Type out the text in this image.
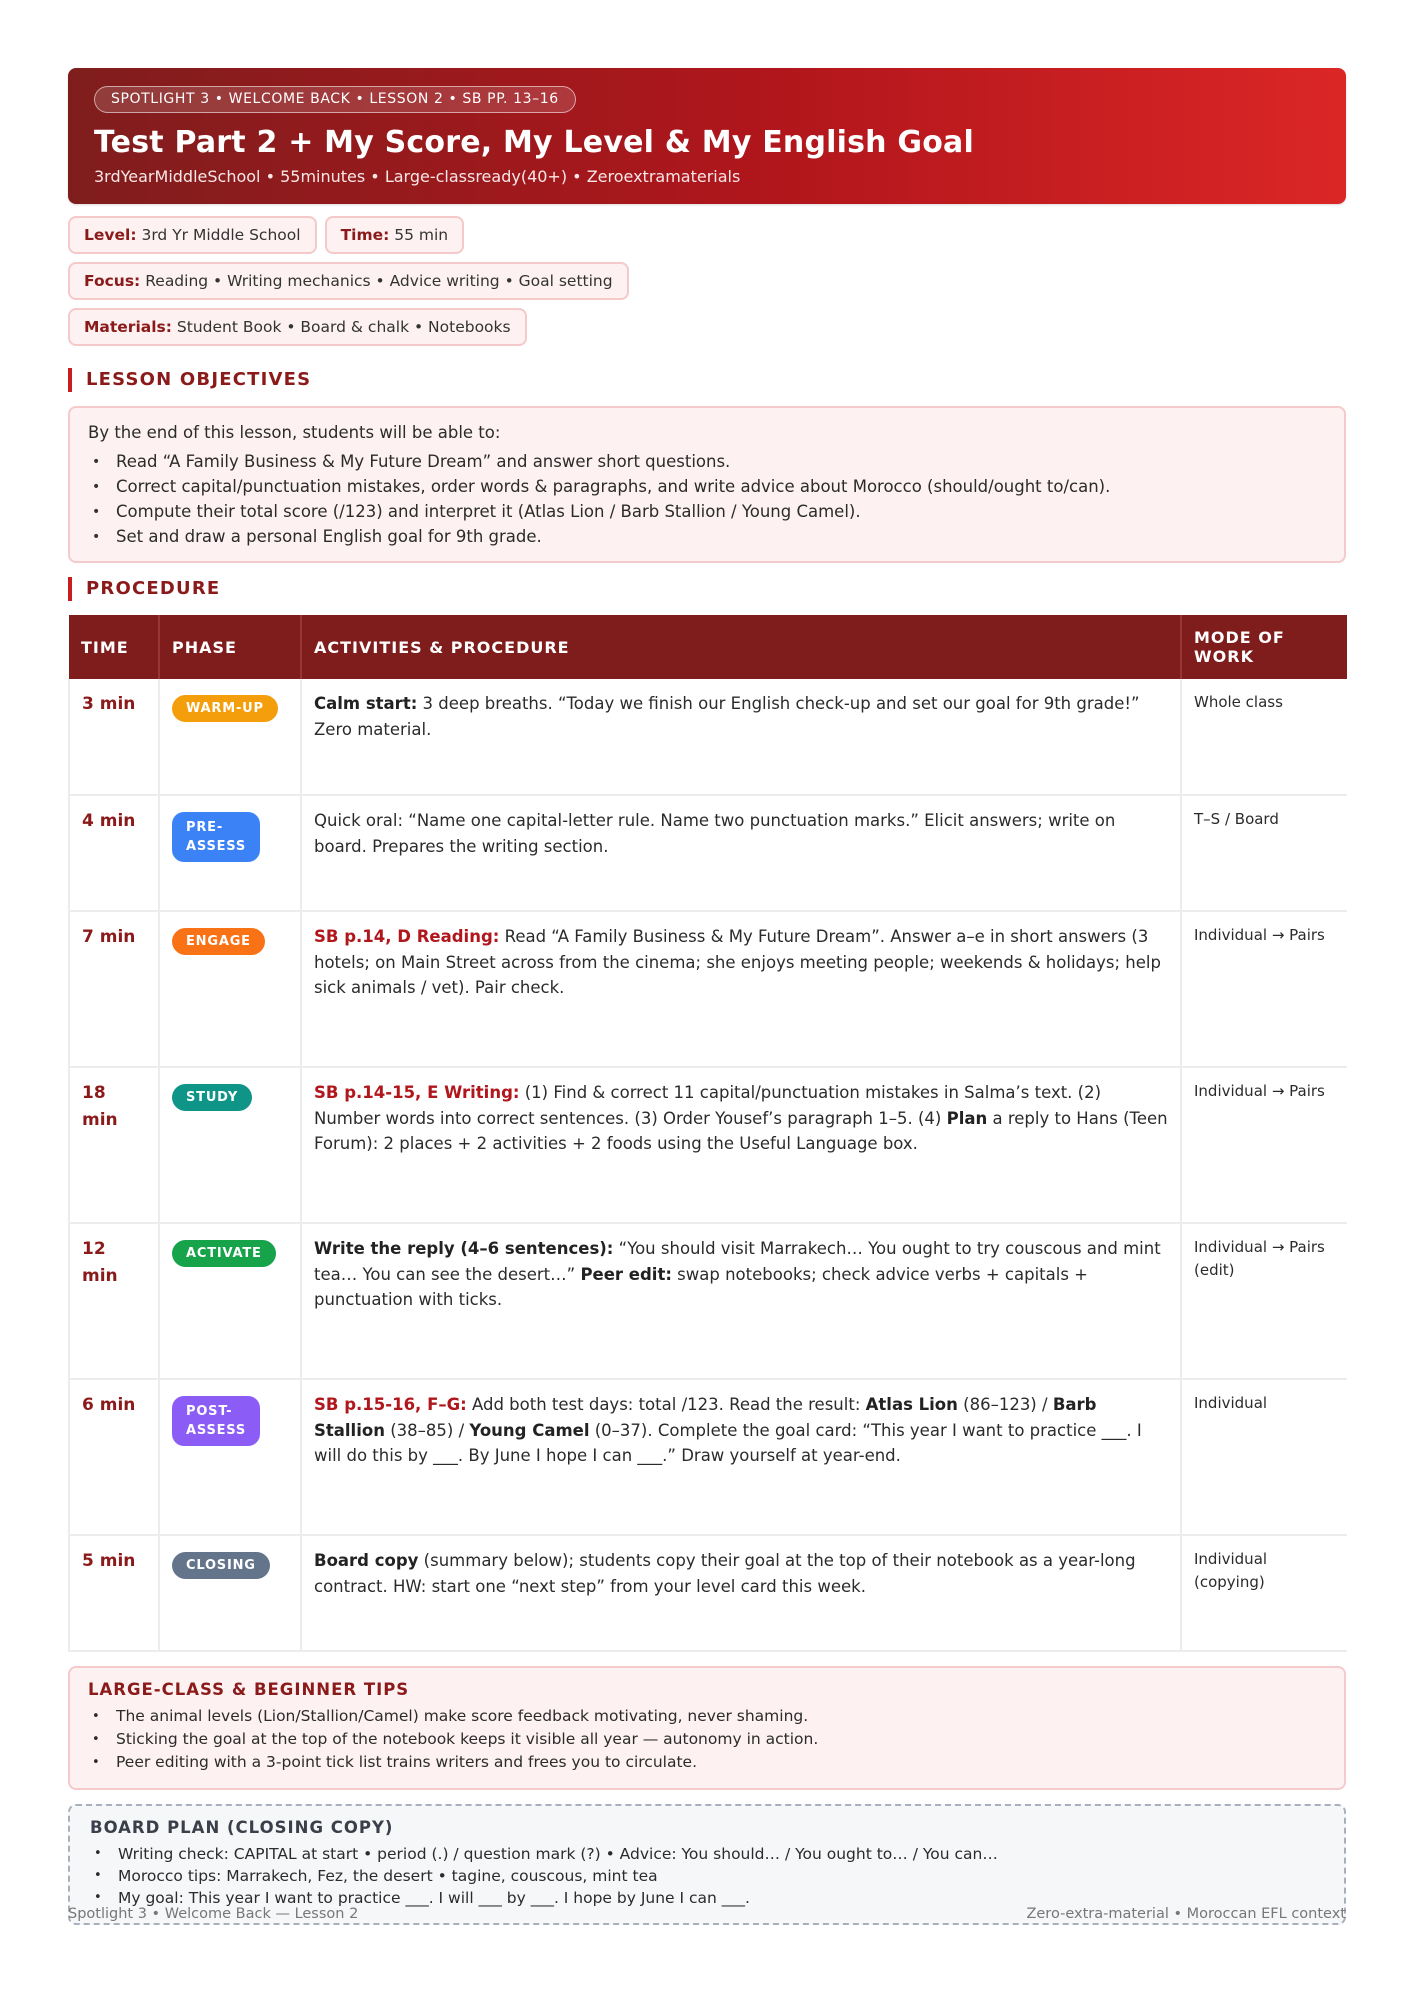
SPOTLIGHT 3 • WELCOME BACK • LESSON 2 • SB PP. 13–16
Test Part 2 + My Score, My Level & My English Goal
3rdYearMiddleSchool • 55minutes • Large-classready(40+) • Zeroextramaterials
Level: 3rd Yr Middle School	Time: 55 min
Focus: Reading • Writing mechanics • Advice writing • Goal setting
Materials: Student Book • Board & chalk • Notebooks
LESSON OBJECTIVES
By the end of this lesson, students will be able to:
• Read “A Family Business & My Future Dream” and answer short questions.
• Correct capital/punctuation mistakes, order words & paragraphs, and write advice about Morocco (should/ought to/can).
• Compute their total score (/123) and interpret it (Atlas Lion / Barb Stallion / Young Camel).
• Set and draw a personal English goal for 9th grade.
PROCEDURE
TIME	PHASE	ACTIVITIES & PROCEDURE	MODE OF WORK
3 min	WARM-UP	Calm start: 3 deep breaths. “Today we finish our English check-up and set our goal for 9th grade!” Zero material.	Whole class
4 min	PRE-
ASSESS	Quick oral: “Name one capital-letter rule. Name two punctuation marks.” Elicit answers; write on board. Prepares the writing section.	T–S / Board
7 min	ENGAGE	SB p.14, D Reading: Read “A Family Business & My Future Dream”. Answer a–e in short answers (3 hotels; on Main Street across from the cinema; she enjoys meeting people; weekends & holidays; help sick animals / vet). Pair check.	Individual → Pairs
18 min	STUDY	SB p.14-15, E Writing: (1) Find & correct 11 capital/punctuation mistakes in Salma’s text. (2) Number words into correct sentences. (3) Order Yousef’s paragraph 1–5. (4) Plan a reply to Hans (Teen Forum): 2 places + 2 activities + 2 foods using the Useful Language box.	Individual → Pairs
12 min	ACTIVATE	Write the reply (4–6 sentences): “You should visit Marrakech… You ought to try couscous and mint tea… You can see the desert…” Peer edit: swap notebooks; check advice verbs + capitals + punctuation with ticks.	Individual → Pairs (edit)
6 min	POST-
ASSESS	SB p.15-16, F–G: Add both test days: total /123. Read the result: Atlas Lion (86–123) / Barb Stallion (38–85) / Young Camel (0–37). Complete the goal card: “This year I want to practice ___. I will do this by ___. By June I hope I can ___.” Draw yourself at year-end.	Individual
5 min	CLOSING	Board copy (summary below); students copy their goal at the top of their notebook as a year-long contract. HW: start one “next step” from your level card this week.	Individual (copying)
LARGE-CLASS & BEGINNER TIPS
• The animal levels (Lion/Stallion/Camel) make score feedback motivating, never shaming.
• Sticking the goal at the top of the notebook keeps it visible all year — autonomy in action.
• Peer editing with a 3-point tick list trains writers and frees you to circulate.
BOARD PLAN (CLOSING COPY)
• Writing check: CAPITAL at start • period (.) / question mark (?) • Advice: You should… / You ought to… / You can…
• Morocco tips: Marrakech, Fez, the desert • tagine, couscous, mint tea
• My goal: This year I want to practice ___. I will ___ by ___. I hope by June I can ___.
Spotlight 3 • Welcome Back — Lesson 2	Zero-extra-material • Moroccan EFL context
